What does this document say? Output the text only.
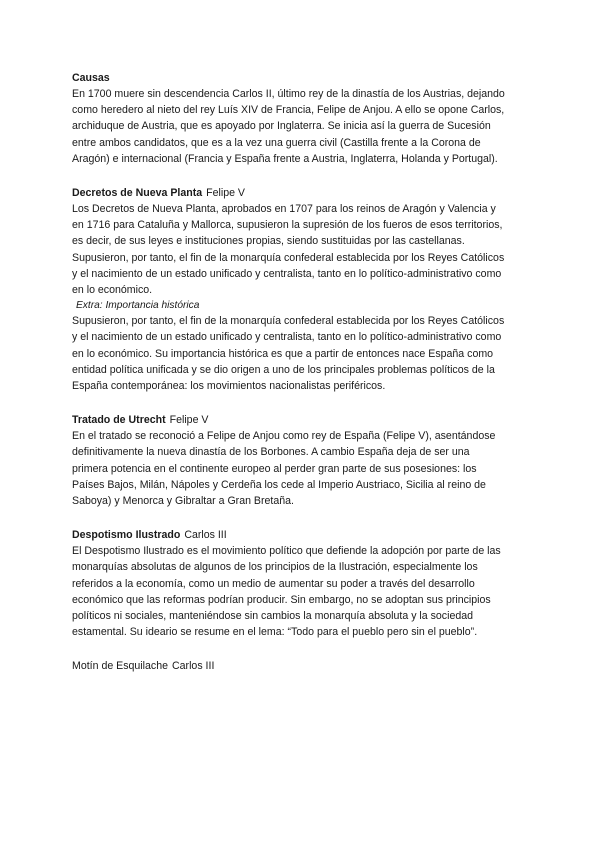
Causas

En 1700 muere sin descendencia Carlos II, último rey de la dinastía de los Austrias, dejando
como heredero al nieto del rey Luís XIV de Francia, Felipe de Anjou. A ello se opone Carlos,
archiduque de Austria, que es apoyado por Inglaterra. Se inicia así la guerra de Sucesión
entre ambos candidatos, que es a la vez una guerra civil (Castilla frente a la Corona de
Aragón) e internacional (Francia y España frente a Austria, Inglaterra, Holanda y Portugal).

Decretos de Nueva Planta Felipe V

Los Decretos de Nueva Planta, aprobados en 1707 para los reinos de Aragón y Valencia y
en 1716 para Cataluña y Mallorca, supusieron la supresión de los fueros de esos territorios,
es decir, de sus leyes e instituciones propias, siendo sustituidas por las castellanas.
Supusieron, por tanto, el fin de la monarquía confederal establecida por los Reyes Católicos
y el nacimiento de un estado unificado y centralista, tanto en lo político-administrativo como
en lo económico.

Extra: Importancia histórica

Supusieron, por tanto, el fin de la monarquía confederal establecida por los Reyes Católicos
y el nacimiento de un estado unificado y centralista, tanto en lo político-administrativo como
en lo económico. Su importancia histórica es que a partir de entonces nace España como
entidad política unificada y se dio origen a uno de los principales problemas políticos de la
España contemporánea: los movimientos nacionalistas periféricos.

Tratado de Utrecht Felipe V

En el tratado se reconoció a Felipe de Anjou como rey de España (Felipe V), asentándose
definitivamente la nueva dinastía de los Borbones. A cambio España deja de ser una
primera potencia en el continente europeo al perder gran parte de sus posesiones: los
Países Bajos, Milán, Nápoles y Cerdeña los cede al Imperio Austriaco, Sicilia al reino de
Saboya) y Menorca y Gibraltar a Gran Bretaña.

Despotismo Ilustrado Carlos III

El Despotismo Ilustrado es el movimiento político que defiende la adopción por parte de las
monarquías absolutas de algunos de los principios de la Ilustración, especialmente los
referidos a la economía, como un medio de aumentar su poder a través del desarrollo
económico que las reformas podrían producir. Sin embargo, no se adoptan sus principios
políticos ni sociales, manteniéndose sin cambios la monarquía absoluta y la sociedad
estamental. Su ideario se resume en el lema: “Todo para el pueblo pero sin el pueblo”.

Motín de Esquilache Carlos III
